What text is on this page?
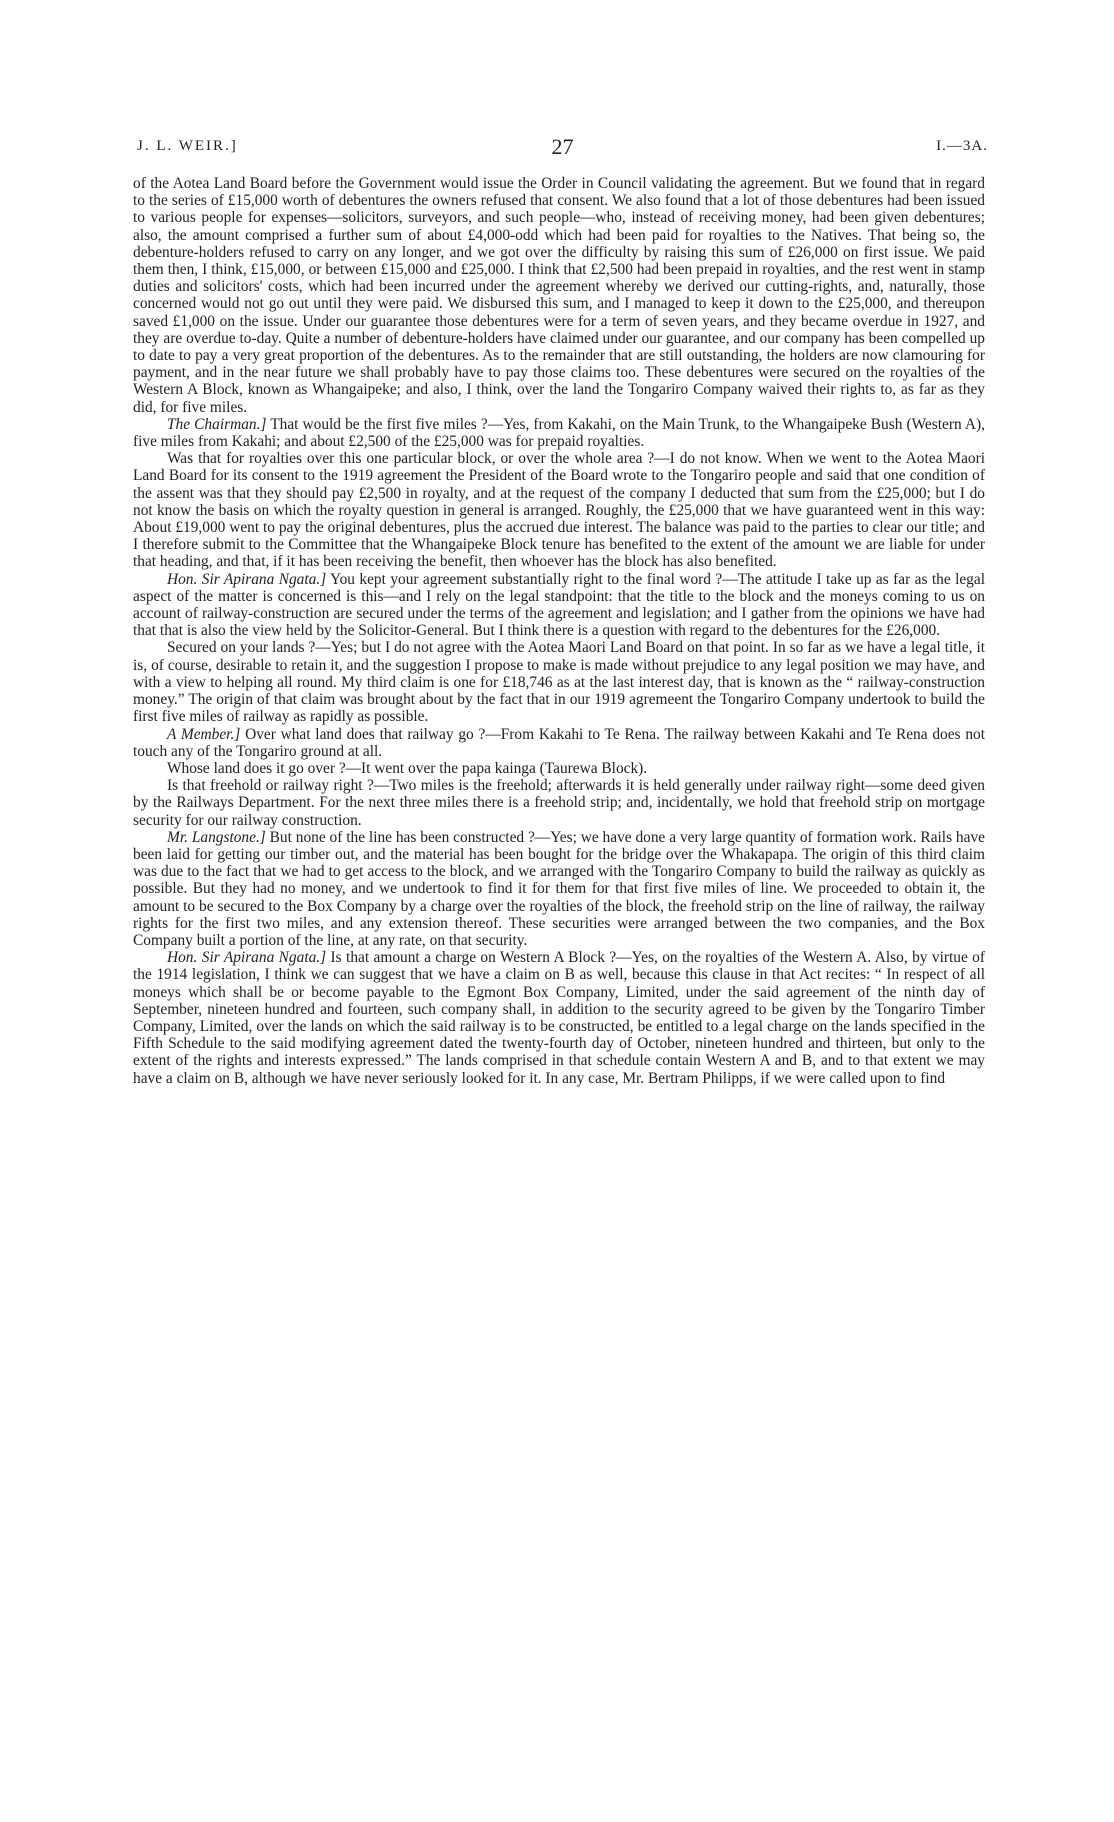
J. L. WEIR.]	27	I.—3A.

of the Aotea Land Board before the Government would issue the Order in Council validating the agreement. But we found that in regard to the series of £15,000 worth of debentures the owners refused that consent. We also found that a lot of those debentures had been issued to various people for expenses—solicitors, surveyors, and such people—who, instead of receiving money, had been given debentures; also, the amount comprised a further sum of about £4,000-odd which had been paid for royalties to the Natives. That being so, the debenture-holders refused to carry on any longer, and we got over the difficulty by raising this sum of £26,000 on first issue. We paid them then, I think, £15,000, or between £15,000 and £25,000. I think that £2,500 had been prepaid in royalties, and the rest went in stamp duties and solicitors' costs, which had been incurred under the agreement whereby we derived our cutting-rights, and, naturally, those concerned would not go out until they were paid. We disbursed this sum, and I managed to keep it down to the £25,000, and thereupon saved £1,000 on the issue. Under our guarantee those debentures were for a term of seven years, and they became overdue in 1927, and they are overdue to-day. Quite a number of debenture-holders have claimed under our guarantee, and our company has been compelled up to date to pay a very great proportion of the debentures. As to the remainder that are still outstanding, the holders are now clamouring for payment, and in the near future we shall probably have to pay those claims too. These debentures were secured on the royalties of the Western A Block, known as Whangaipeke; and also, I think, over the land the Tongariro Company waived their rights to, as far as they did, for five miles.

The Chairman.] That would be the first five miles ?—Yes, from Kakahi, on the Main Trunk, to the Whangaipeke Bush (Western A), five miles from Kakahi; and about £2,500 of the £25,000 was for prepaid royalties.

Was that for royalties over this one particular block, or over the whole area ?—I do not know. When we went to the Aotea Maori Land Board for its consent to the 1919 agreement the President of the Board wrote to the Tongariro people and said that one condition of the assent was that they should pay £2,500 in royalty, and at the request of the company I deducted that sum from the £25,000; but I do not know the basis on which the royalty question in general is arranged. Roughly, the £25,000 that we have guaranteed went in this way: About £19,000 went to pay the original debentures, plus the accrued due interest. The balance was paid to the parties to clear our title; and I therefore submit to the Committee that the Whangaipeke Block tenure has benefited to the extent of the amount we are liable for under that heading, and that, if it has been receiving the benefit, then whoever has the block has also benefited.

Hon. Sir Apirana Ngata.] You kept your agreement substantially right to the final word ?—The attitude I take up as far as the legal aspect of the matter is concerned is this—and I rely on the legal standpoint: that the title to the block and the moneys coming to us on account of railway-construction are secured under the terms of the agreement and legislation; and I gather from the opinions we have had that that is also the view held by the Solicitor-General. But I think there is a question with regard to the debentures for the £26,000.

Secured on your lands ?—Yes; but I do not agree with the Aotea Maori Land Board on that point. In so far as we have a legal title, it is, of course, desirable to retain it, and the suggestion I propose to make is made without prejudice to any legal position we may have, and with a view to helping all round. My third claim is one for £18,746 as at the last interest day, that is known as the “ railway-construction money.” The origin of that claim was brought about by the fact that in our 1919 agremeent the Tongariro Company undertook to build the first five miles of railway as rapidly as possible.

A Member.] Over what land does that railway go ?—From Kakahi to Te Rena. The railway between Kakahi and Te Rena does not touch any of the Tongariro ground at all.

Whose land does it go over ?—It went over the papa kainga (Taurewa Block).

Is that freehold or railway right ?—Two miles is the freehold; afterwards it is held generally under railway right—some deed given by the Railways Department. For the next three miles there is a freehold strip; and, incidentally, we hold that freehold strip on mortgage security for our railway construction.

Mr. Langstone.] But none of the line has been constructed ?—Yes; we have done a very large quantity of formation work. Rails have been laid for getting our timber out, and the material has been bought for the bridge over the Whakapapa. The origin of this third claim was due to the fact that we had to get access to the block, and we arranged with the Tongariro Company to build the railway as quickly as possible. But they had no money, and we undertook to find it for them for that first five miles of line. We proceeded to obtain it, the amount to be secured to the Box Company by a charge over the royalties of the block, the freehold strip on the line of railway, the railway rights for the first two miles, and any extension thereof. These securities were arranged between the two companies, and the Box Company built a portion of the line, at any rate, on that security.

Hon. Sir Apirana Ngata.] Is that amount a charge on Western A Block ?—Yes, on the royalties of the Western A. Also, by virtue of the 1914 legislation, I think we can suggest that we have a claim on B as well, because this clause in that Act recites: “ In respect of all moneys which shall be or become payable to the Egmont Box Company, Limited, under the said agreement of the ninth day of September, nineteen hundred and fourteen, such company shall, in addition to the security agreed to be given by the Tongariro Timber Company, Limited, over the lands on which the said railway is to be constructed, be entitled to a legal charge on the lands specified in the Fifth Schedule to the said modifying agreement dated the twenty-fourth day of October, nineteen hundred and thirteen, but only to the extent of the rights and interests expressed.” The lands comprised in that schedule contain Western A and B, and to that extent we may have a claim on B, although we have never seriously looked for it. In any case, Mr. Bertram Philipps, if we were called upon to find
